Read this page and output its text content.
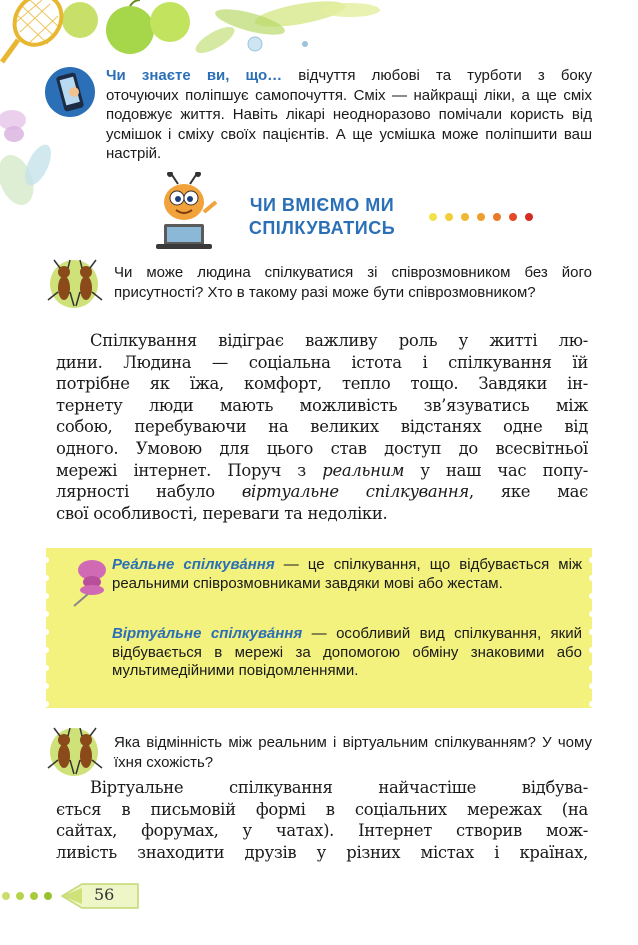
Чи знаєте ви, що… відчуття любові та турботи з боку
оточуючих поліпшує самопочуття. Сміх — найкращі ліки, а ще сміх подовжує життя. Навіть лікарі неодноразово помічали користь від усмішок і сміху своїх пацієнтів. А ще усмішка може поліпшити ваш настрій.
ЧИ ВМІЄМО МИ
СПІЛКУВАТИСЬ
Чи може людина спілкуватися зі співрозмовником без його присутності? Хто в такому разі може бути співрозмовником?
Спілкування відіграє важливу роль у житті лю-
дини. Людина — соціальна істота і спілкування їй
потрібне як їжа, комфорт, тепло тощо. Завдяки ін-
тернету люди мають можливість зв’язуватись між
собою, перебуваючи на великих відстанях одне від
одного. Умовою для цього став доступ до всесвітньої
мережі інтернет. Поруч з реальним у наш час попу-
лярності набуло віртуальне спілкування, яке має
свої особливості, переваги та недоліки.
Реа́льне спілкува́ння — це спілкування, що відбувається між реальними співрозмовниками завдяки мові або жестам.
Віртуа́льне спілкува́ння — особливий вид спілкування, який відбувається в мережі за допомогою обміну знаковими або мультимедійними повідомленнями.
Яка відмінність між реальним і віртуальним спілкуванням? У чому їхня схожість?
Віртуальне спілкування найчастіше відбува-
ється в письмовій формі в соціальних мережах (на
сайтах, форумах, у чатах). Інтернет створив мож-
ливість знаходити друзів у різних містах і країнах,
56
